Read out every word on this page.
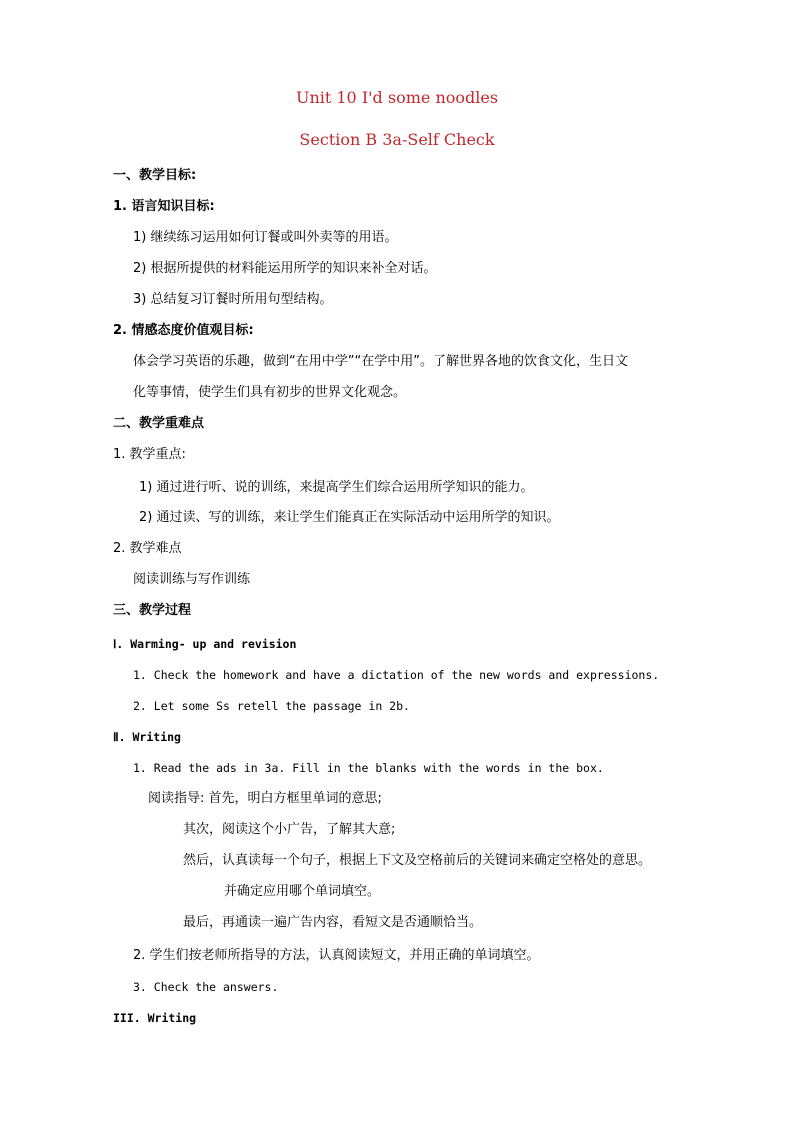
Unit 10 I'd some noodles
Section B 3a-Self Check
一、教学目标:
1. 语言知识目标:
1) 继续练习运用如何订餐或叫外卖等的用语。
2) 根据所提供的材料能运用所学的知识来补全对话。
3) 总结复习订餐时所用句型结构。
2. 情感态度价值观目标:
体会学习英语的乐趣，做到“在用中学”“在学中用”。了解世界各地的饮食文化，生日文
化等事情，使学生们具有初步的世界文化观念。
二、教学重难点
1. 教学重点:
1) 通过进行听、说的训练，来提高学生们综合运用所学知识的能力。
2) 通过读、写的训练，来让学生们能真正在实际活动中运用所学的知识。
2. 教学难点
阅读训练与写作训练
三、教学过程
Ⅰ. Warming- up and revision
1. Check the homework and have a dictation of the new words and expressions.
2. Let some Ss retell the passage in 2b.
Ⅱ. Writing
1. Read the ads in 3a. Fill in the blanks with the words in the box.
阅读指导: 首先，明白方框里单词的意思;
其次，阅读这个小广告，了解其大意;
然后，认真读每一个句子，根据上下文及空格前后的关键词来确定空格处的意思。
并确定应用哪个单词填空。
最后，再通读一遍广告内容，看短文是否通顺恰当。
2. 学生们按老师所指导的方法，认真阅读短文，并用正确的单词填空。
3. Check the answers.
III. Writing
